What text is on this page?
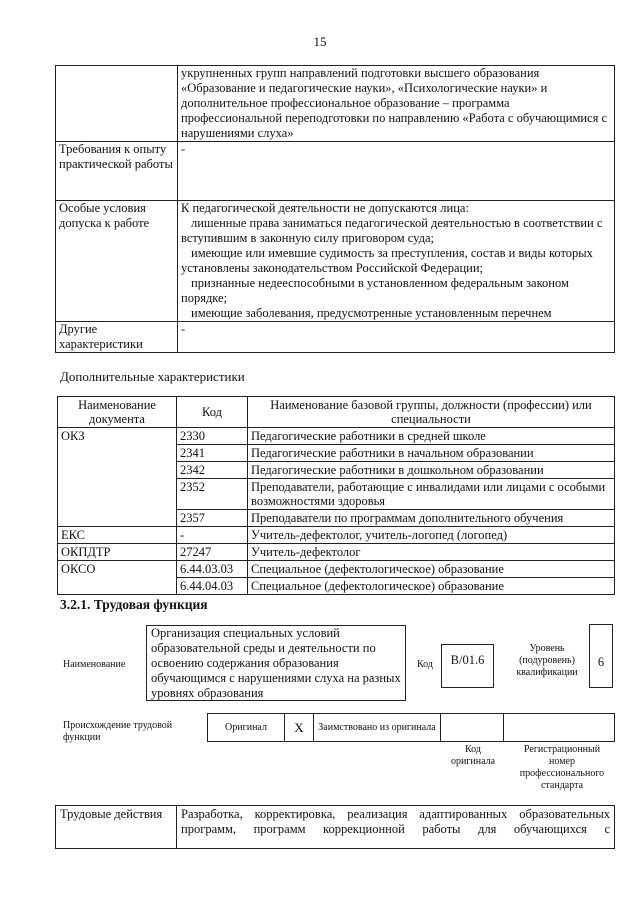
15
	укрупненных групп направлений подготовки высшего образования «Образование и педагогические науки», «Психологические науки» и дополнительное профессиональное образование – программа профессиональной переподготовки по направлению «Работа с обучающимися с нарушениями слуха»
Требования к опыту практической работы	-
Особые условия допуска к работе	К педагогической деятельности не допускаются лица:

лишенные права заниматься педагогической деятельностью в соответствии с вступившим в законную силу приговором суда;

имеющие или имевшие судимость за преступления, состав и виды которых установлены законодательством Российской Федерации;

признанные недееспособными в установленном федеральным законом порядке;

имеющие заболевания, предусмотренные установленным перечнем

Другие характеристики	-
Дополнительные характеристики
Наименование документа	Код	Наименование базовой группы, должности (профессии) или специальности
ОКЗ	2330	Педагогические работники в средней школе
	2341	Педагогические работники в начальном образовании
	2342	Педагогические работники в дошкольном образовании
	2352	Преподаватели, работающие с инвалидами или лицами с особыми возможностями здоровья
	2357	Преподаватели по программам дополнительного обучения
ЕКС	-	Учитель-дефектолог, учитель-логопед (логопед)
ОКПДТР	27247	Учитель-дефектолог
ОКСО	6.44.03.03	Специальное (дефектологическое) образование
	6.44.04.03	Специальное (дефектологическое) образование
3.2.1. Трудовая функция
Наименование
Организация специальных условий образовательной среды и деятельности по освоению содержания образования обучающимся с нарушениями слуха на разных уровнях образования
Код	B/01.6
Уровень (подуровень) квалификации
6
Происхождение трудовой функции
Оригинал	X	Заимствовано из оригинала		
Код оригинала
Регистрационный номер профессионального стандарта
Трудовые действия	Разработка, корректировка, реализация адаптированных образовательных
программ, программ коррекционной работы для обучающихся с
